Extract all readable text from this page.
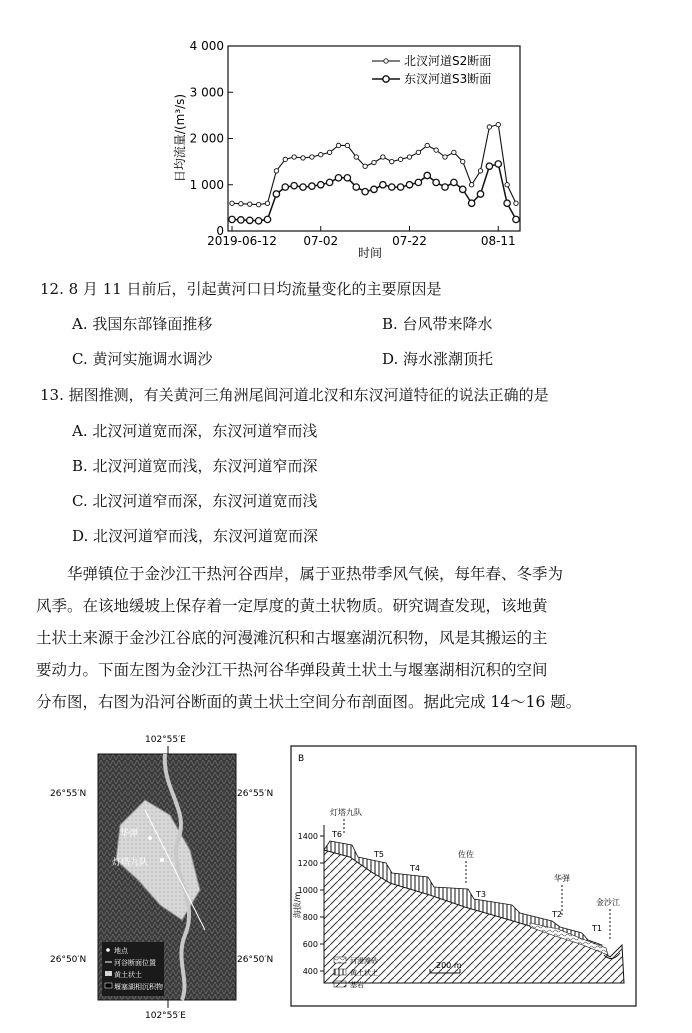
0
1 000
2 000
3 000
4 000
2019-06-12 07-02	07-22	08-11
北汊河道S2断面
东汊河道S3断面
日均流量/(m³/s)
时间
12. 8 月 11 日前后，引起黄河口日均流量变化的主要原因是
A. 我国东部锋面推移	B. 台风带来降水
C. 黄河实施调水调沙	D. 海水涨潮顶托
13. 据图推测，有关黄河三角洲尾闾河道北汊和东汊河道特征的说法正确的是
A. 北汊河道宽而深，东汊河道窄而浅
B. 北汊河道宽而浅，东汊河道窄而深
C. 北汊河道窄而深，东汊河道宽而浅
D. 北汊河道窄而浅，东汊河道宽而深
华弹镇位于金沙江干热河谷西岸，属于亚热带季风气候，每年春、冬季为
风季。在该地缓坡上保存着一定厚度的黄土状物质。研究调查发现，该地黄
土状土来源于金沙江谷底的河漫滩沉积和古堰塞湖沉积物，风是其搬运的主
要动力。下面左图为金沙江干热河谷华弹段黄土状土与堰塞湖相沉积的空间
分布图，右图为沿河谷断面的黄土状土空间分布剖面图。据此完成 14～16 题。
102°55′E
102°55′E
26°55′N	26°55′N
26°50′N	26°50′N
华弹
灯塔九队
地点
河谷断面位置
黄土状土
堰塞湖相沉积物
B
400
600
800
1000
1200
1400
海拔/m
T6
T5
T4
T3
T2
T1
灯塔九队
佐佐
华弹
金沙江
河漫滩砂
黄土状土
基岩
200 m
